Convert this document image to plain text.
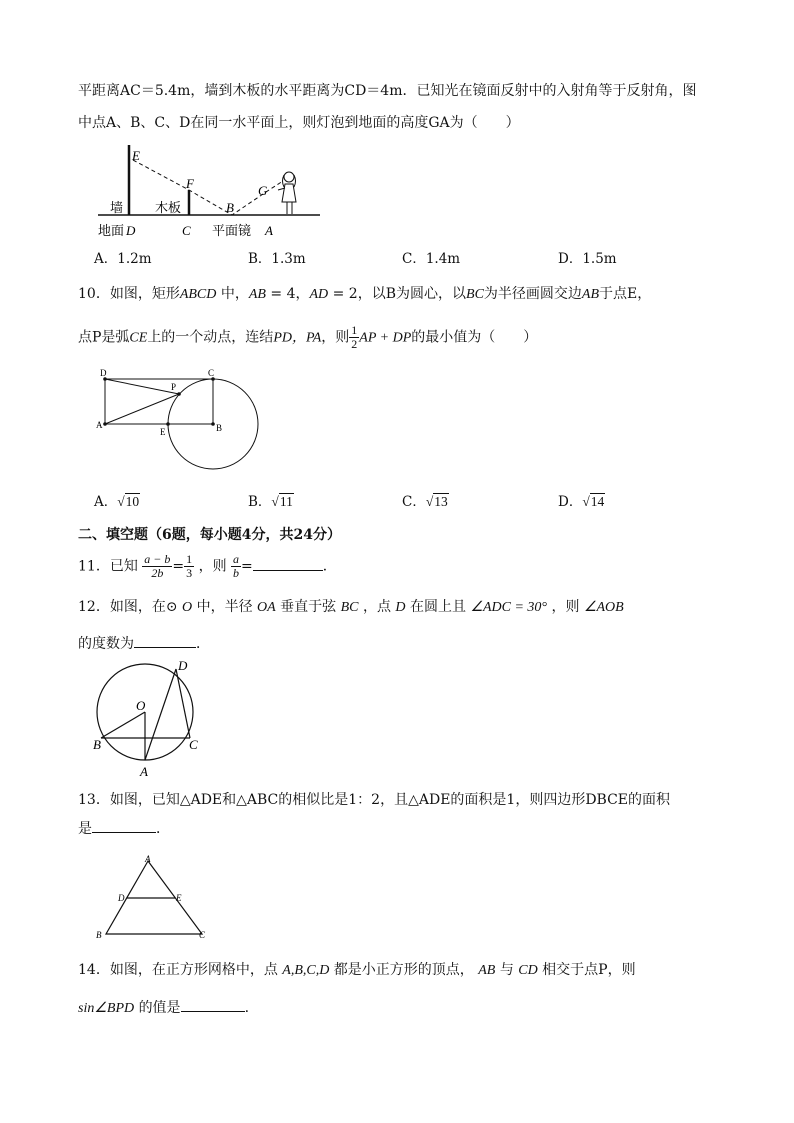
平距离AC＝5.4m，墙到木板的水平距离为CD＝4m．已知光在镜面反射中的入射角等于反射角，图
中点A、B、C、D在同一水平面上，则灯泡到地面的高度GA为（　　）
E
F	G
B
墙 木板
地面 D	C 平面镜 A
A．1.2m	B．1.3m	C．1.4m	D．1.5m
10．如图，矩形ABCD 中，AB = 4，AD = 2，以B为圆心，以BC为半径画圆交边AB于点E，
点P是弧CE上的一个动点，连结PD，PA，则 $\frac{1}{2}$ AP + DP的最小值为（　　）
D	C
P
A
E	B
A．√10	B．√11	C．√13	D．√14
二、填空题（6题，每小题4分，共24分）
11．已知 $\frac{a - b}{2b} = \frac{1}{3}$ ，则 $\frac{a}{b}$ =	．
12．如图，在⊙ O 中，半径 OA 垂直于弦 BC ，点 D 在圆上且 ∠ADC = 30° ，则 ∠AOB
的度数为	．
D
O
B	C
A
13．如图，已知△ADE和△ABC的相似比是1：2，且△ADE的面积是1，则四边形DBCE的面积
是	．
A
D	E
B	C
14．如图，在正方形网格中，点 A,B,C,D 都是小正方形的顶点， AB 与 CD 相交于点P，则
sin∠BPD 的值是	.
